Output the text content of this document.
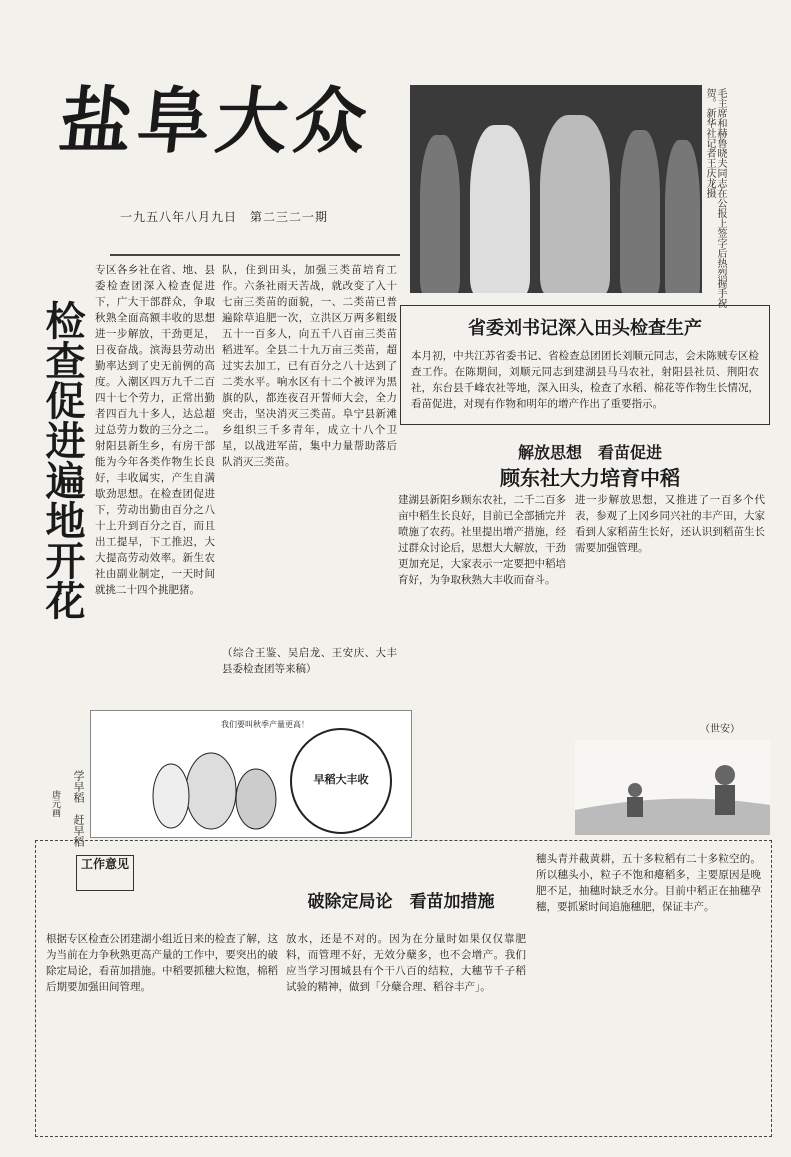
盐阜大众
一九五八年八月九日　第二三二一期	毛主席和赫鲁晓夫同志在公报上签字后热烈握手祝贺。新华社记者王庆龙摄
检查促进遍地开花
专区各乡社在省、地、县委检查团深入检查促进下，广大干部群众，争取秋熟全面高额丰收的思想进一步解放，干劲更足，日夜奋战。滨海县劳动出勤率达到了史无前例的高度。入潮区四万九千二百四十七个劳力，正常出勤者四百九十多人，达总超过总劳力数的三分之二。射阳县新生乡，有房干部能为今年各类作物生长良好，丰收属实，产生自满歇劲思想。在检查团促进下，劳动出勤由百分之八十上升到百分之百，而且出工提早，下工推迟，大大提高劳动效率。新生农社由副业制定，一天时间就挑二十四个挑肥猪。
队，住到田头，加强三类苗培育工作。六条社雨天苦战，就改变了入十七亩三类苗的面貌，一、二类苗已普遍除草追肥一次，立洪区万两多粗级五十一百多人，向五千八百亩三类苗稻进军。全县二十九万亩三类苗，超过实去加工，已有百分之八十达到了二类水平。响水区有十二个被评为黑旗的队，都连夜召开誓师大会，全力突击，坚决消灭三类苗。阜宁县新滩乡组织三千多青年，成立十八个卫星，以战进军苗，集中力量帮助落后队消灭三类苗。
（综合王鉴、吴启龙、王安庆、大丰县委检查团等来稿）
省委刘书记深入田头检查生产
本月初，中共江苏省委书记、省检查总团团长刘顺元同志，会未陈贼专区检查工作。在陈期间，刘顺元同志到建湖县马马农社，射阳县社员、荆阳农社，东台县千峰农社等地，深入田头，检查了水稻、棉花等作物生长情况，看苗促进，对现有作物和明年的增产作出了重要指示。
解放思想　看苗促进
顾东社大力培育中稻
建湖县新阳乡顾东农社，二千二百多亩中稻生长良好，目前已全部插完并喷施了农药。社里提出增产措施，经过群众讨论后，思想大大解放，干劲更加充足，大家表示一定要把中稻培育好，为争取秋熟大丰收而奋斗。
进一步解放思想，又推进了一百多个代表，参观了上冈乡同兴社的丰产田，大家看到人家稻苗生长好，还认识到稻苗生长需要加强管理。
（世安）
学早稻　赶早稻
唐元画
早稻大丰收
我们要叫秋季产量更高！
工作意见
破除定局论　看苗加措施
根据专区检查公团建湖小组近日来的检查了解，这为当前在力争秋熟更高产量的工作中，要突出的破除定局论，看苗加措施。中稻要抓穗大粒饱，棉稻后期要加强田间管理。
放水，还是不对的。因为在分量时如果仅仅靠肥料，而管理不好，无效分蘖多，也不会增产。我们应当学习围城县有个干八百的结粒，大穗节千子稻试验的精神，做到「分蘖合理、稻谷丰产」。
穗头青并截黄耕，五十多粒稻有二十多粒空的。所以穗头小，粒子不饱和瘪稻多，主要原因是晚肥不足，抽穗时缺乏水分。目前中稻正在抽穗孕穗，要抓紧时间追施穗肥，保证丰产。
